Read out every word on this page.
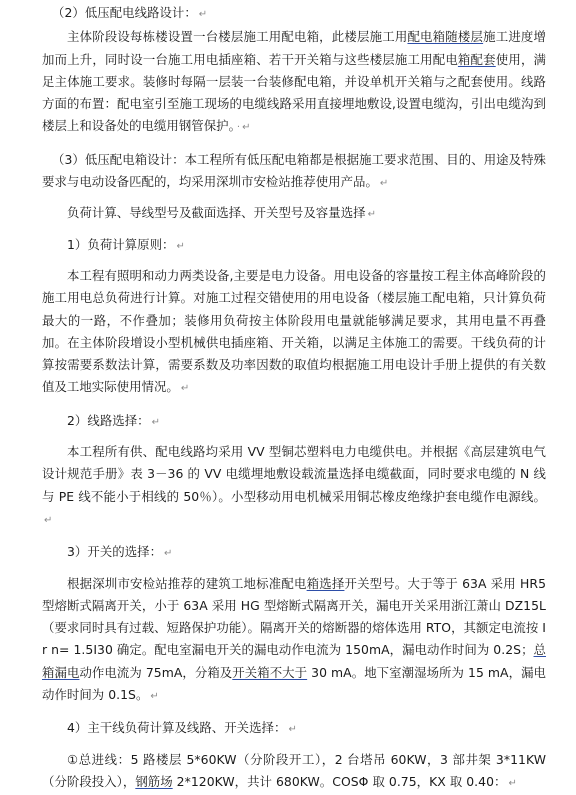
（2）低压配电线路设计： ↵

主体阶段设每栋楼设置一台楼层施工用配电箱，此楼层施工用配电箱随楼层施工进度增加而上升，同时设一台施工用电插座箱、若干开关箱与这些楼层施工用配电箱配套使用，满足主体施工要求。装修时每隔一层装一台装修配电箱，并设单机开关箱与之配套使用。线路方面的布置：配电室引至施工现场的电缆线路采用直接埋地敷设,设置电缆沟，引出电缆沟到楼层上和设备处的电缆用钢管保护。 · ↵

（3）低压配电箱设计：本工程所有低压配电箱都是根据施工要求范围、目的、用途及特殊要求与电动设备匹配的，均采用深圳市安检站推荐使用产品。 ↵

负荷计算、导线型号及截面选择、开关型号及容量选择 ↵

1）负荷计算原则： ↵

本工程有照明和动力两类设备,主要是电力设备。用电设备的容量按工程主体高峰阶段的施工用电总负荷进行计算。对施工过程交错使用的用电设备（楼层施工配电箱，只计算负荷最大的一路，不作叠加；装修用负荷按主体阶段用电量就能够满足要求，其用电量不再叠加。在主体阶段增设小型机械供电插座箱、开关箱，以满足主体施工的需要。干线负荷的计算按需要系数法计算，需要系数及功率因数的取值均根据施工用电设计手册上提供的有关数值及工地实际使用情况。 ↵

2）线路选择： ↵

本工程所有供、配电线路均采用 VV 型铜芯塑料电力电缆供电。并根据《高层建筑电气设计规范手册》表 3－36 的 VV 电缆埋地敷设载流量选择电缆截面，同时要求电缆的 N 线与 PE 线不能小于相线的 50％）。小型移动用电机械采用铜芯橡皮绝缘护套电缆作电源线。↵

3）开关的选择： ↵

根据深圳市安检站推荐的建筑工地标准配电箱选择开关型号。大于等于 63A 采用 HR5 型熔断式隔离开关，小于 63A 采用 HG 型熔断式隔离开关，漏电开关采用浙江萧山 DZ15L（要求同时具有过载、短路保护功能）。隔离开关的熔断器的熔体选用 RTO，其额定电流按 I r n= 1.5I30 确定。配电室漏电开关的漏电动作电流为 150mA，漏电动作时间为 0.2S；总箱漏电动作电流为 75mA，分箱及开关箱不大于 30 mA。地下室潮湿场所为 15 mA，漏电动作时间为 0.1S。 ↵

4）主干线负荷计算及线路、开关选择： ↵

①总进线：5 路楼层 5*60KW（分阶段开工），2 台塔吊 60KW，3 部井架 3*11KW（分阶段投入），钢筋场 2*120KW，共计 680KW。COSΦ 取 0.75，KX 取 0.40： ↵
